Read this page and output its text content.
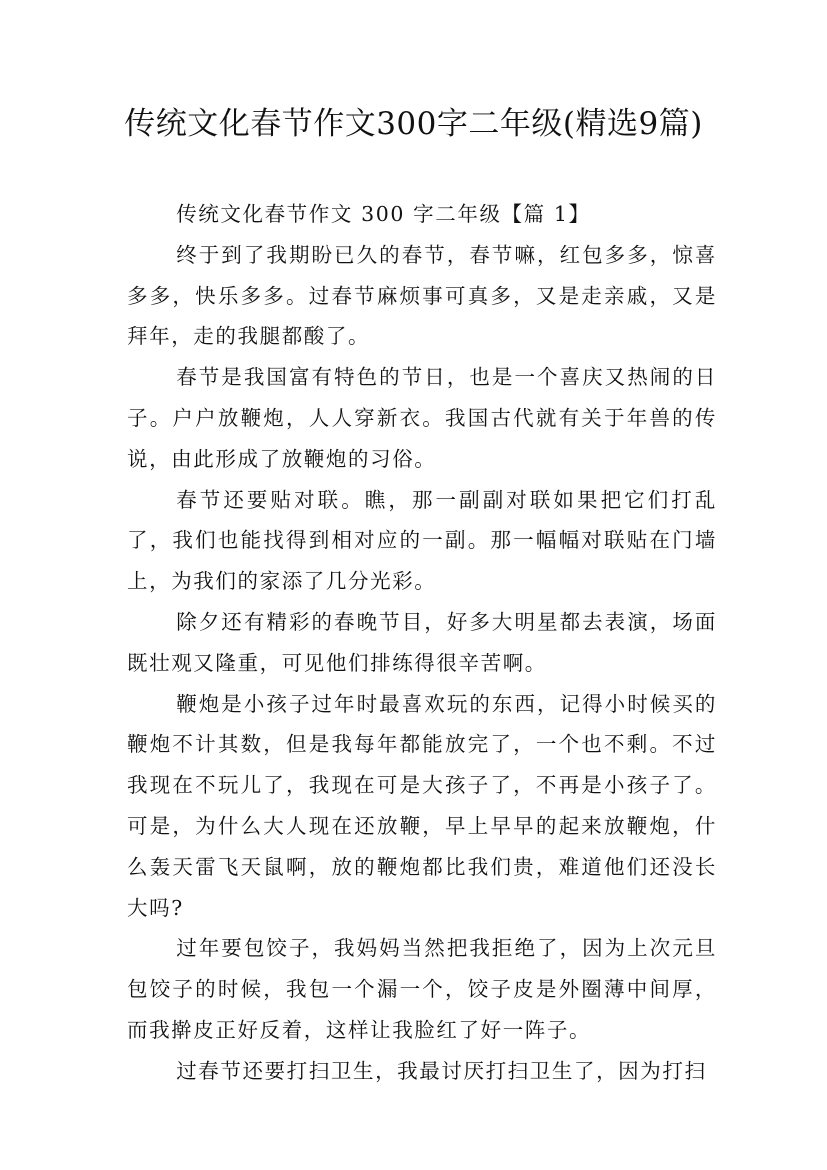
传统文化春节作文300字二年级(精选9篇)

传统文化春节作文 300 字二年级【篇 1】

终于到了我期盼已久的春节，春节嘛，红包多多，惊喜多多，快乐多多。过春节麻烦事可真多，又是走亲戚，又是拜年，走的我腿都酸了。

春节是我国富有特色的节日，也是一个喜庆又热闹的日子。户户放鞭炮，人人穿新衣。我国古代就有关于年兽的传说，由此形成了放鞭炮的习俗。

春节还要贴对联。瞧，那一副副对联如果把它们打乱了，我们也能找得到相对应的一副。那一幅幅对联贴在门墙上，为我们的家添了几分光彩。

除夕还有精彩的春晚节目，好多大明星都去表演，场面既壮观又隆重，可见他们排练得很辛苦啊。

鞭炮是小孩子过年时最喜欢玩的东西，记得小时候买的鞭炮不计其数，但是我每年都能放完了，一个也不剩。不过我现在不玩儿了，我现在可是大孩子了，不再是小孩子了。可是，为什么大人现在还放鞭，早上早早的起来放鞭炮，什么轰天雷飞天鼠啊，放的鞭炮都比我们贵，难道他们还没长大吗?

过年要包饺子，我妈妈当然把我拒绝了，因为上次元旦包饺子的时候，我包一个漏一个，饺子皮是外圈薄中间厚，而我擀皮正好反着，这样让我脸红了好一阵子。

过春节还要打扫卫生，我最讨厌打扫卫生了，因为打扫
